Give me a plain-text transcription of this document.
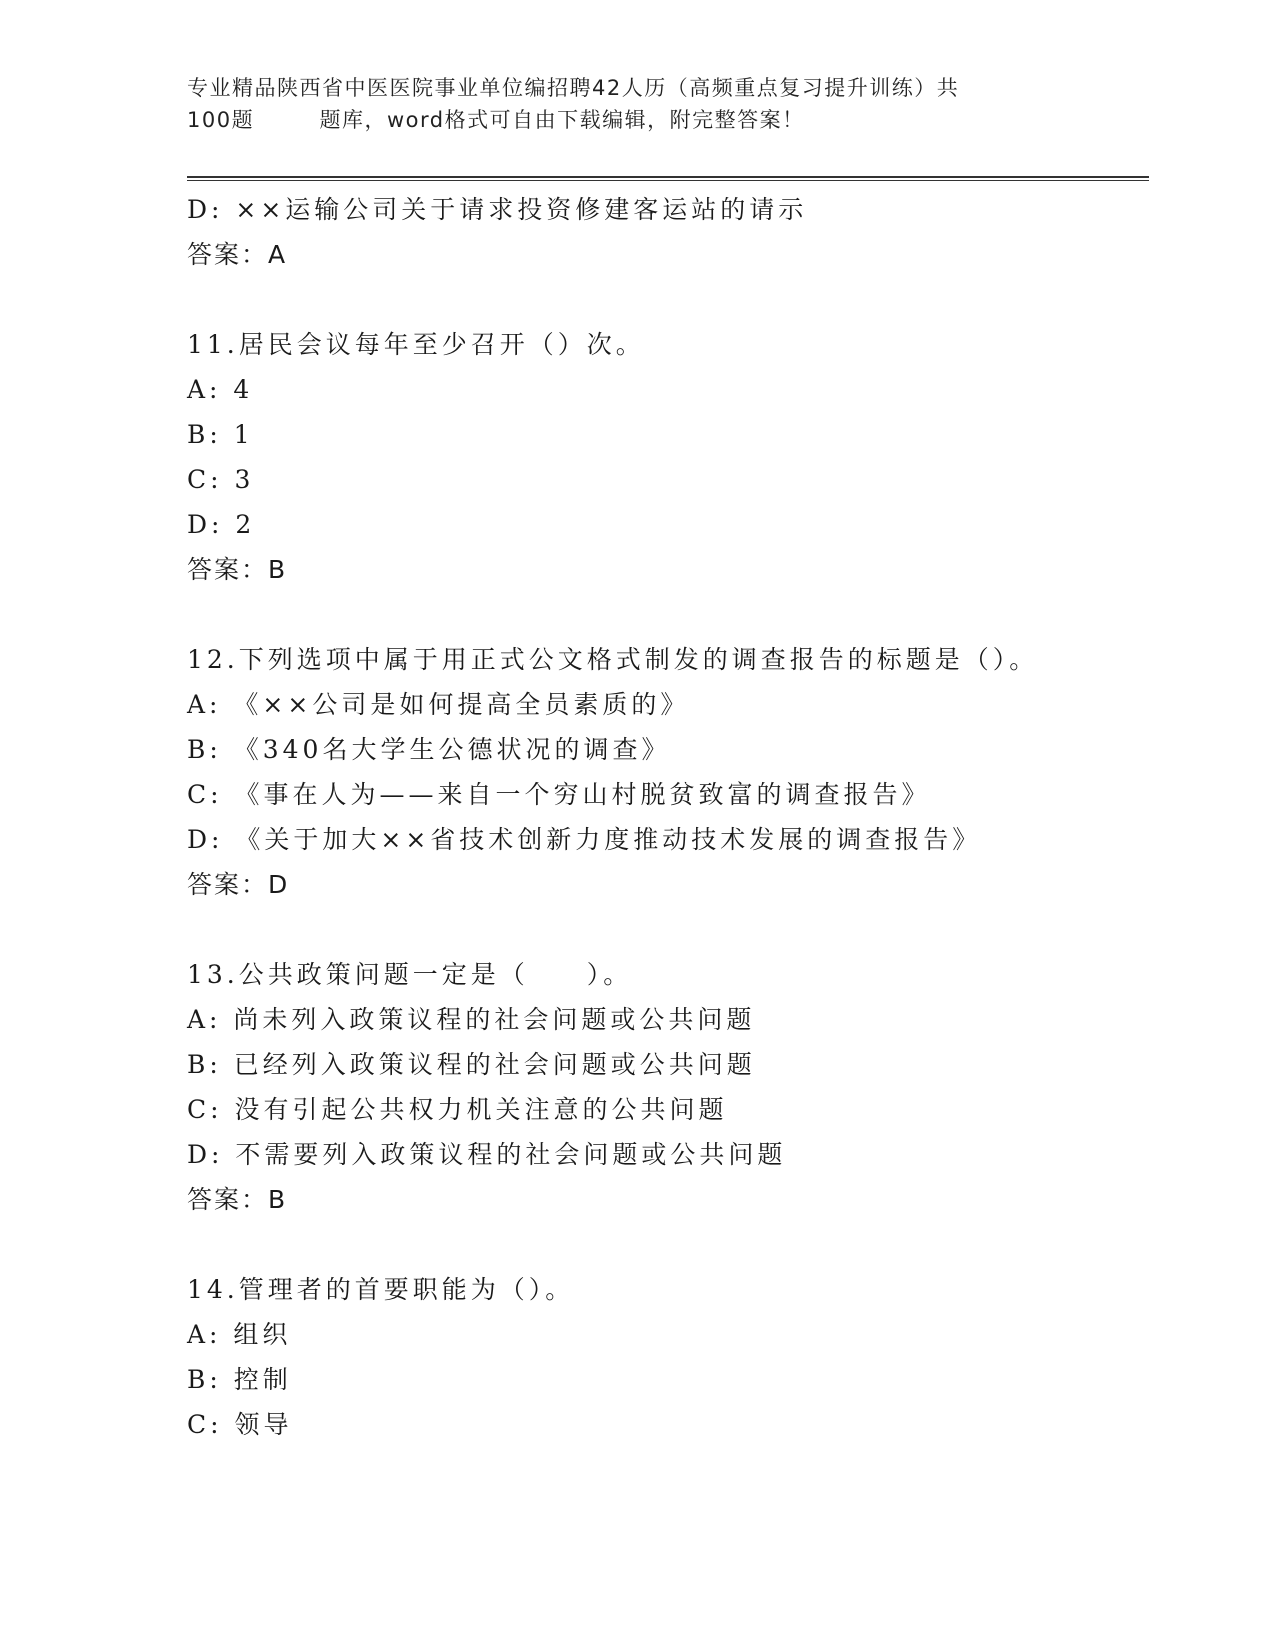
专业精品陕西省中医医院事业单位编招聘42人历（高频重点复习提升训练）共
100题        题库，word格式可自由下载编辑，附完整答案！
D: ××运输公司关于请求投资修建客运站的请示
答案：A
11.居民会议每年至少召开（）次。
A: 4
B: 1
C: 3
D: 2
答案：B
12.下列选项中属于用正式公文格式制发的调查报告的标题是（）。
A: 《××公司是如何提高全员素质的》
B: 《340名大学生公德状况的调查》
C: 《事在人为——来自一个穷山村脱贫致富的调查报告》
D: 《关于加大××省技术创新力度推动技术发展的调查报告》
答案：D
13.公共政策问题一定是（　　）。
A: 尚未列入政策议程的社会问题或公共问题
B: 已经列入政策议程的社会问题或公共问题
C: 没有引起公共权力机关注意的公共问题
D: 不需要列入政策议程的社会问题或公共问题
答案：B
14.管理者的首要职能为（）。
A: 组织
B: 控制
C: 领导
